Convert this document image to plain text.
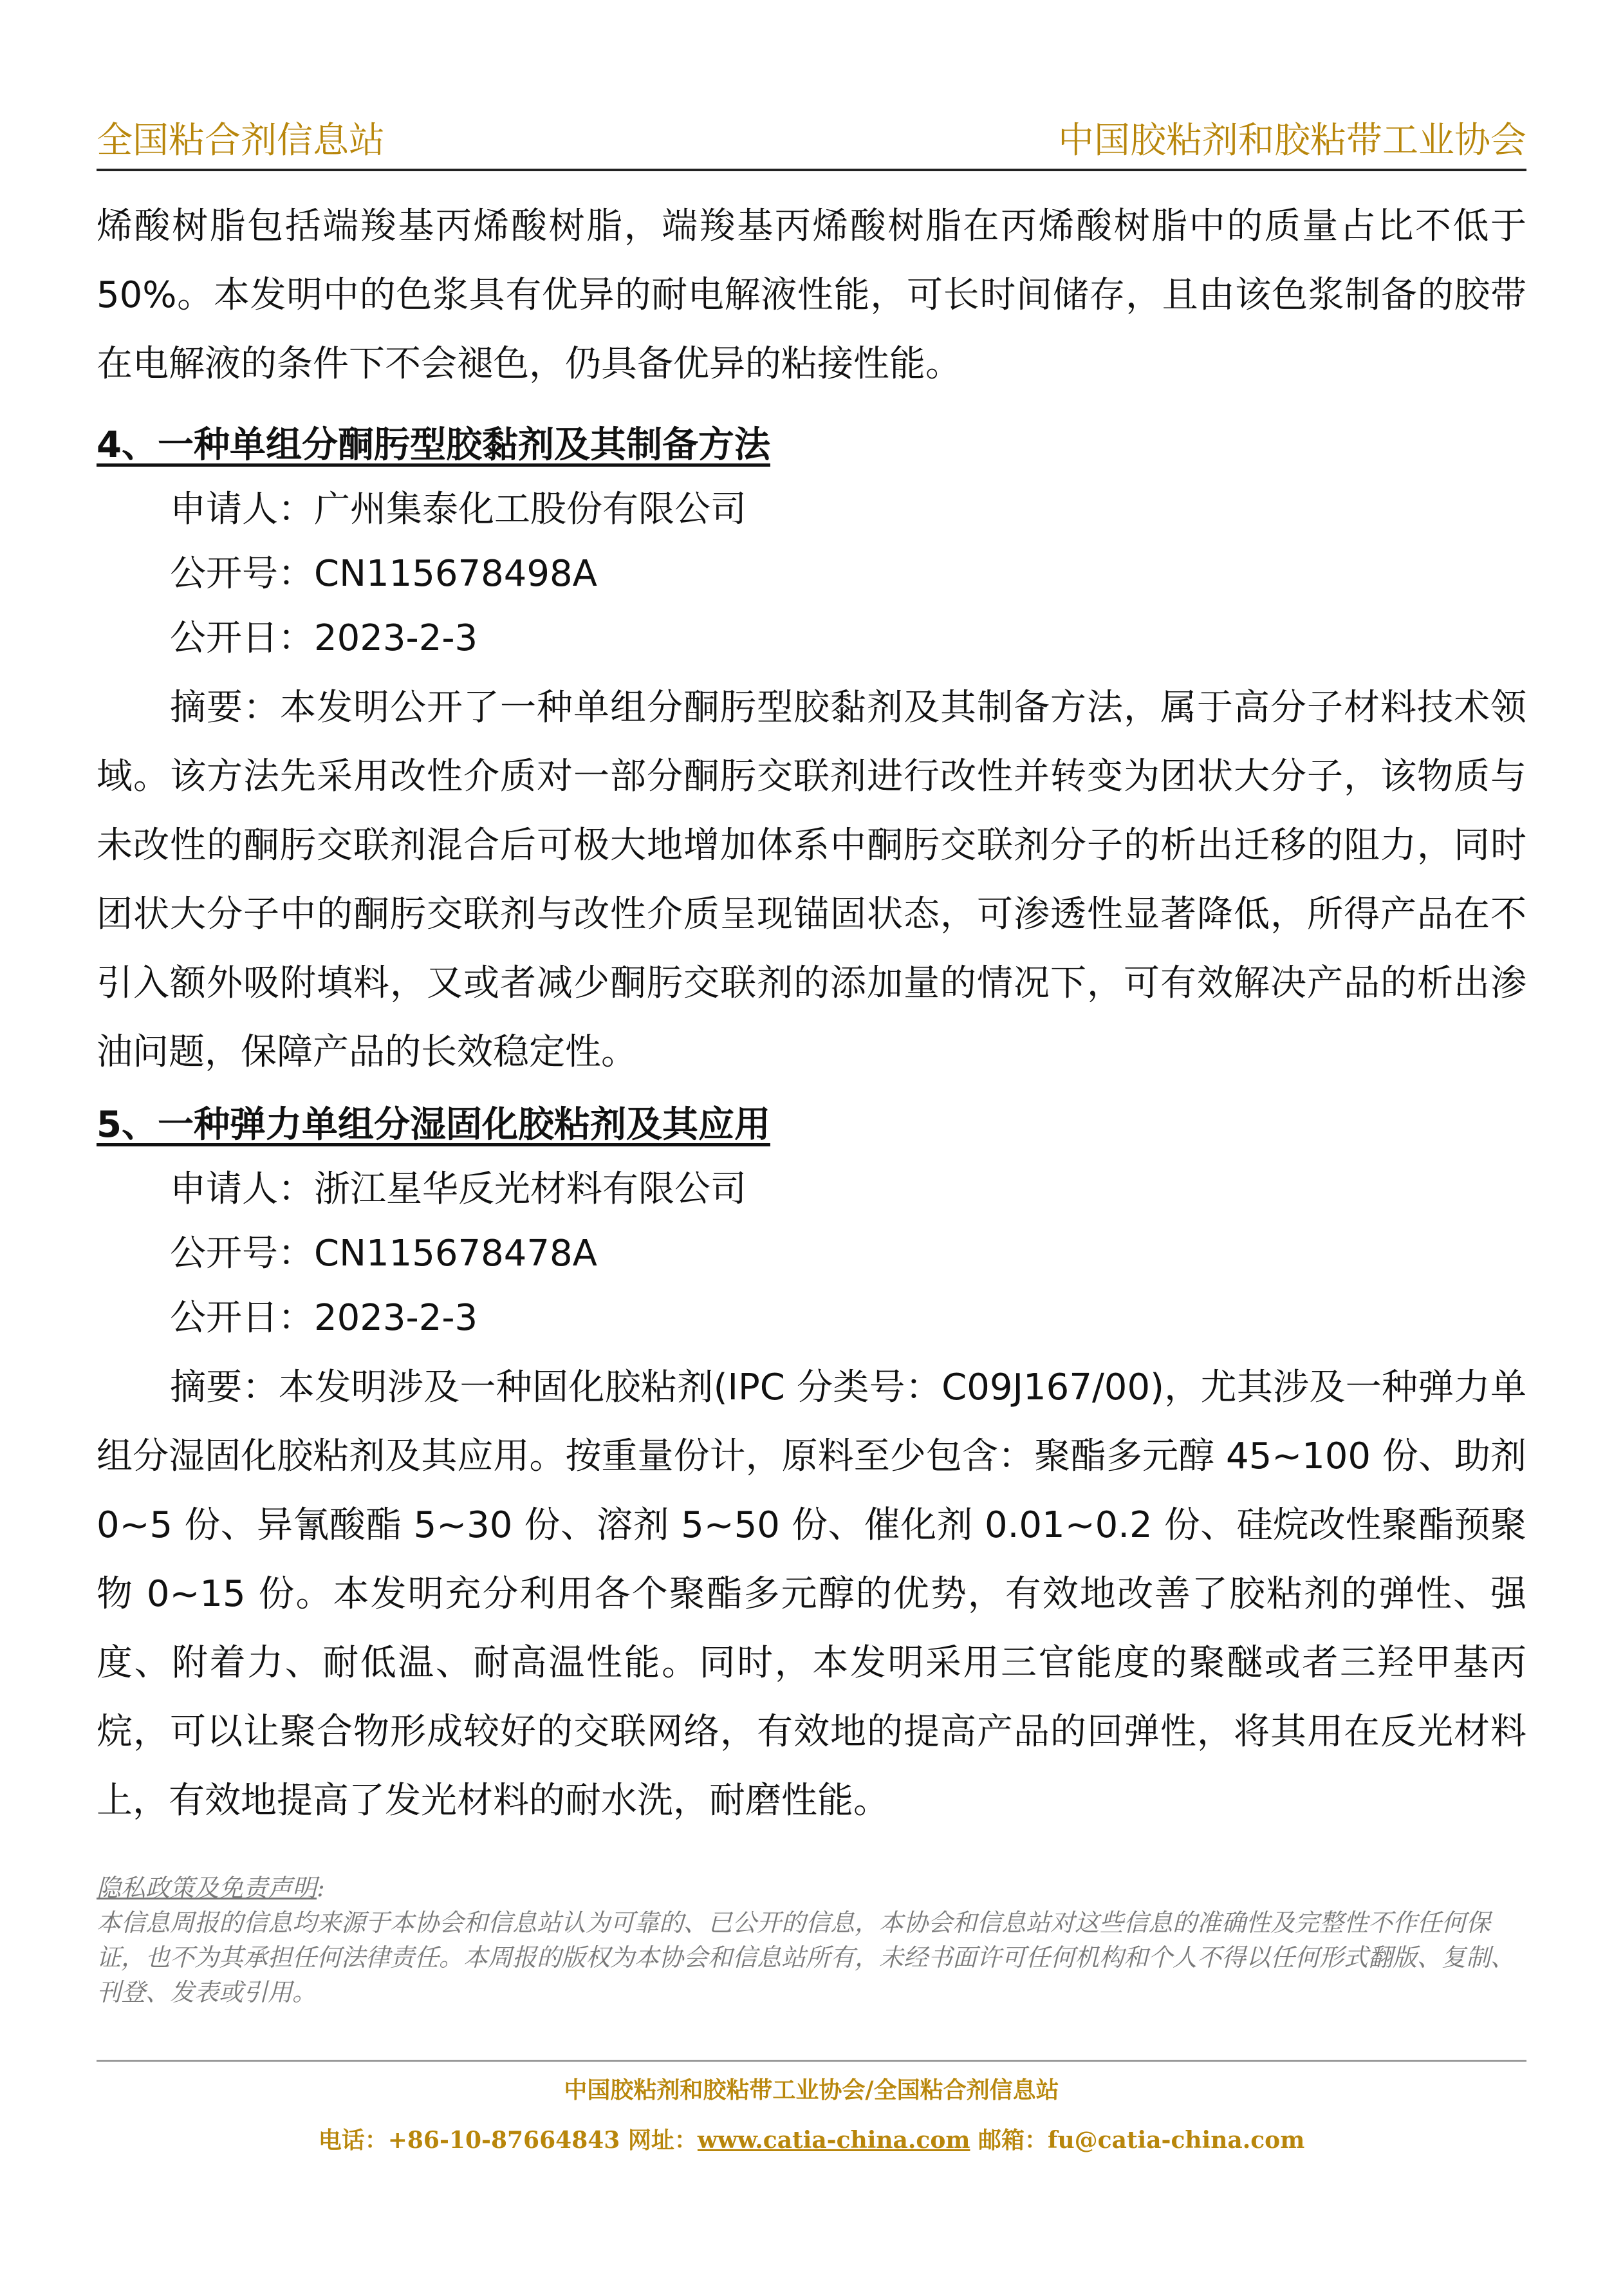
全国粘合剂信息站	中国胶粘剂和胶粘带工业协会

烯酸树脂包括端羧基丙烯酸树脂，端羧基丙烯酸树脂在丙烯酸树脂中的质量占比不低于 50%。本发明中的色浆具有优异的耐电解液性能，可长时间储存，且由该色浆制备的胶带在电解液的条件下不会褪色，仍具备优异的粘接性能。

4、一种单组分酮肟型胶黏剂及其制备方法
申请人：广州集泰化工股份有限公司
公开号：CN115678498A
公开日：2023-2-3

摘要：本发明公开了一种单组分酮肟型胶黏剂及其制备方法，属于高分子材料技术领域。该方法先采用改性介质对一部分酮肟交联剂进行改性并转变为团状大分子，该物质与未改性的酮肟交联剂混合后可极大地增加体系中酮肟交联剂分子的析出迁移的阻力，同时团状大分子中的酮肟交联剂与改性介质呈现锚固状态，可渗透性显著降低，所得产品在不引入额外吸附填料，又或者减少酮肟交联剂的添加量的情况下，可有效解决产品的析出渗油问题，保障产品的长效稳定性。

5、一种弹力单组分湿固化胶粘剂及其应用
申请人：浙江星华反光材料有限公司
公开号：CN115678478A
公开日：2023-2-3

摘要：本发明涉及一种固化胶粘剂(IPC 分类号：C09J167/00)，尤其涉及一种弹力单组分湿固化胶粘剂及其应用。按重量份计，原料至少包含：聚酯多元醇 45~100 份、助剂 0~5 份、异氰酸酯 5~30 份、溶剂 5~50 份、催化剂 0.01~0.2 份、硅烷改性聚酯预聚物 0~15 份。本发明充分利用各个聚酯多元醇的优势，有效地改善了胶粘剂的弹性、强度、附着力、耐低温、耐高温性能。同时，本发明采用三官能度的聚醚或者三羟甲基丙烷，可以让聚合物形成较好的交联网络，有效地的提高产品的回弹性，将其用在反光材料上，有效地提高了发光材料的耐水洗，耐磨性能。

隐私政策及免责声明:
本信息周报的信息均来源于本协会和信息站认为可靠的、已公开的信息，本协会和信息站对这些信息的准确性及完整性不作任何保证，也不为其承担任何法律责任。本周报的版权为本协会和信息站所有，未经书面许可任何机构和个人不得以任何形式翻版、复制、刊登、发表或引用。
中国胶粘剂和胶粘带工业协会/全国粘合剂信息站
电话：+86-10-87664843 网址：www.catia-china.com 邮箱：fu@catia-china.com
